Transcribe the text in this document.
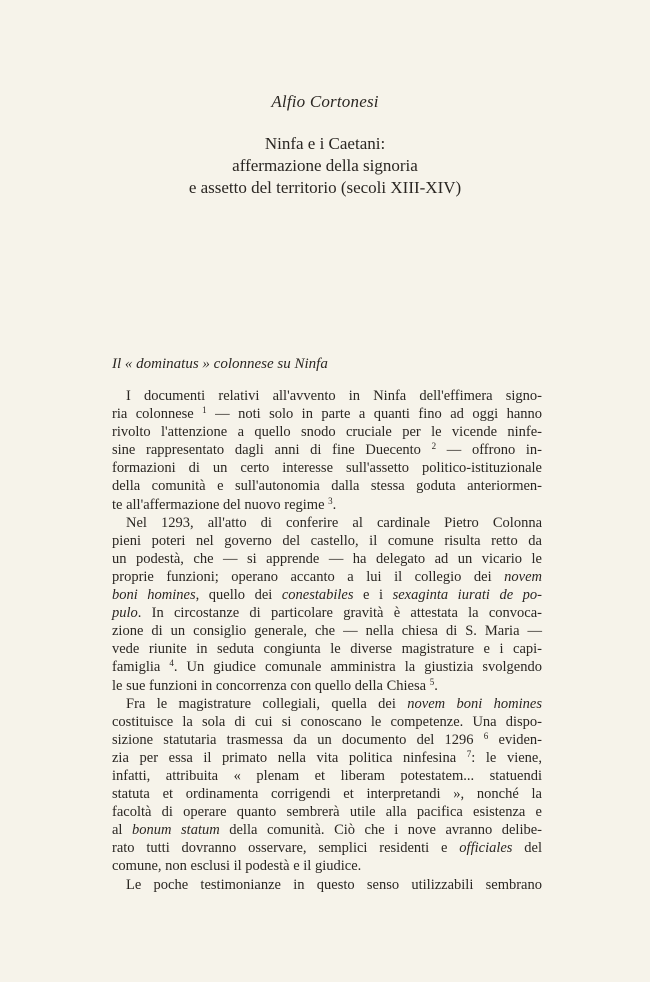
Alfio Cortonesi
Ninfa e i Caetani:
affermazione della signoria
e assetto del territorio (secoli XIII-XIV)
Il « dominatus » colonnese su Ninfa
I documenti relativi all'avvento in Ninfa dell'effimera signo-
ria colonnese $^1$ — noti solo in parte a quanti fino ad oggi hanno
rivolto l'attenzione a quello snodo cruciale per le vicende ninfe-
sine rappresentato dagli anni di fine Duecento $^2$ — offrono in-
formazioni di un certo interesse sull'assetto politico-istituzionale
della comunità e sull'autonomia dalla stessa goduta anteriormen-
te all'affermazione del nuovo regime $^3$.
Nel 1293, all'atto di conferire al cardinale Pietro Colonna
pieni poteri nel governo del castello, il comune risulta retto da
un podestà, che — si apprende — ha delegato ad un vicario le
proprie funzioni; operano accanto a lui il collegio dei novem
boni homines, quello dei conestabiles e i sexaginta iurati de po-
pulo. In circostanze di particolare gravità è attestata la convoca-
zione di un consiglio generale, che — nella chiesa di S. Maria —
vede riunite in seduta congiunta le diverse magistrature e i capi-
famiglia $^4$. Un giudice comunale amministra la giustizia svolgendo
le sue funzioni in concorrenza con quello della Chiesa $^5$.
Fra le magistrature collegiali, quella dei novem boni homines
costituisce la sola di cui si conoscano le competenze. Una dispo-
sizione statutaria trasmessa da un documento del 1296 $^6$ eviden-
zia per essa il primato nella vita politica ninfesina $^7$: le viene,
infatti, attribuita « plenam et liberam potestatem... statuendi
statuta et ordinamenta corrigendi et interpretandi », nonché la
facoltà di operare quanto sembrerà utile alla pacifica esistenza e
al bonum statum della comunità. Ciò che i nove avranno delibe-
rato tutti dovranno osservare, semplici residenti e officiales del
comune, non esclusi il podestà e il giudice.
Le poche testimonianze in questo senso utilizzabili sembrano
